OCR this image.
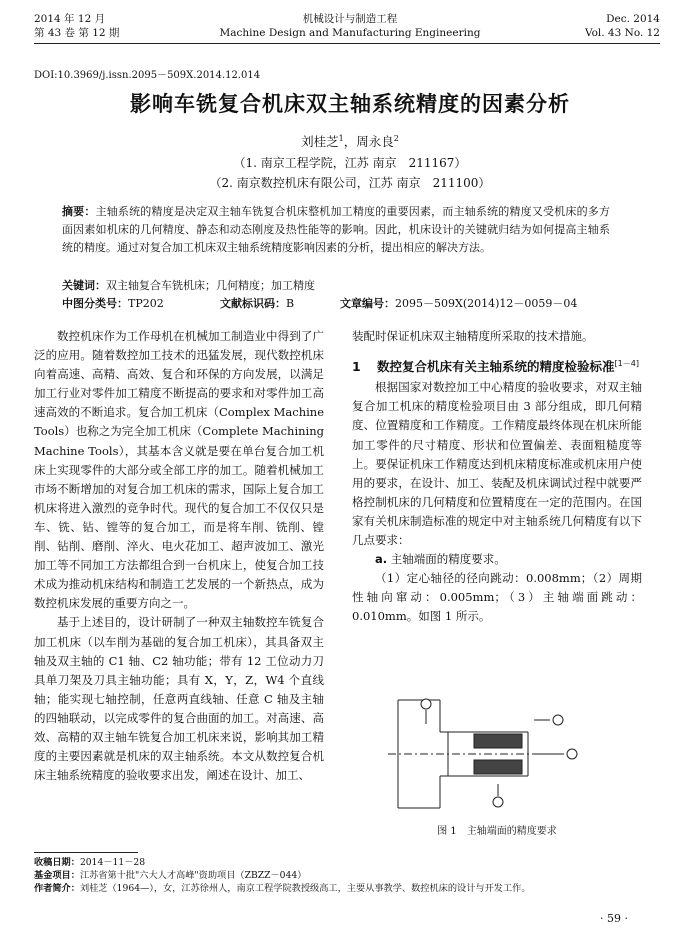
2014 年 12 月
第 43 卷 第 12 期
机械设计与制造工程
Machine Design and Manufacturing Engineering
Dec. 2014
Vol. 43 No. 12
DOI:10.3969/j.issn.2095－509X.2014.12.014
影响车铣复合机床双主轴系统精度的因素分析
刘桂芝$^1$，周永良$^2$
（1. 南京工程学院，江苏 南京　211167）
（2. 南京数控机床有限公司，江苏 南京　211100）
摘要：主轴系统的精度是决定双主轴车铣复合机床整机加工精度的重要因素，而主轴系统的精度又受机床的多方面因素如机床的几何精度、静态和动态刚度及热性能等的影响。因此，机床设计的关键就归结为如何提高主轴系统的精度。通过对复合加工机床双主轴系统精度影响因素的分析，提出相应的解决方法。
关键词：双主轴复合车铣机床；几何精度；加工精度
中图分类号：TP202	文献标识码：B	文章编号：2095－509X(2014)12－0059－04

数控机床作为工作母机在机械加工制造业中得到了广泛的应用。随着数控加工技术的迅猛发展，现代数控机床向着高速、高精、高效、复合和环保的方向发展，以满足加工行业对零件加工精度不断提高的要求和对零件加工高速高效的不断追求。复合加工机床（Complex Machine Tools）也称之为完全加工机床（Complete Machining Machine Tools），其基本含义就是要在单台复合加工机床上实现零件的大部分或全部工序的加工。随着机械加工市场不断增加的对复合加工机床的需求，国际上复合加工机床将进入激烈的竞争时代。现代的复合加工不仅仅只是车、铣、钻、镗等的复合加工，而是将车削、铣削、镗削、钻削、磨削、淬火、电火花加工、超声波加工、激光加工等不同加工方法都组合到一台机床上，使复合加工技术成为推动机床结构和制造工艺发展的一个新热点，成为数控机床发展的重要方向之一。

基于上述目的，设计研制了一种双主轴数控车铣复合加工机床（以车削为基础的复合加工机床），其具备双主轴及双主轴的 C1 轴、C2 轴功能；带有 12 工位动力刀具单刀架及刀具主轴功能；具有 X，Y，Z，W4 个直线轴；能实现七轴控制，任意两直线轴、任意 C 轴及主轴的四轴联动，以完成零件的复合曲面的加工。对高速、高效、高精的双主轴车铣复合加工机床来说，影响其加工精度的主要因素就是机床的双主轴系统。本文从数控复合机床主轴系统精度的验收要求出发，阐述在设计、加工、

装配时保证机床双主轴精度所采取的技术措施。

1 数控复合机床有关主轴系统的精度检验标准[1－4]

根据国家对数控加工中心精度的验收要求，对双主轴复合加工机床的精度检验项目由 3 部分组成，即几何精度、位置精度和工作精度。工作精度最终体现在机床所能加工零件的尺寸精度、形状和位置偏差、表面粗糙度等上。要保证机床工作精度达到机床精度标准或机床用户使用的要求，在设计、加工、装配及机床调试过程中就要严格控制机床的几何精度和位置精度在一定的范围内。在国家有关机床制造标准的规定中对主轴系统几何精度有以下几点要求：

a. 主轴端面的精度要求。

（1）定心轴径的径向跳动：0.008mm；（2）周期性轴向窜动：0.005mm；（3）主轴端面跳动：0.010mm。如图 1 所示。

图 1　 主轴端面的精度要求
收稿日期：2014－11－28
基金项目：江苏省第十批"六大人才高峰"资助项目（ZBZZ－044）
作者简介：刘桂芝（1964—），女，江苏徐州人，南京工程学院教授级高工，主要从事教学、数控机床的设计与开发工作。
· 59 ·
